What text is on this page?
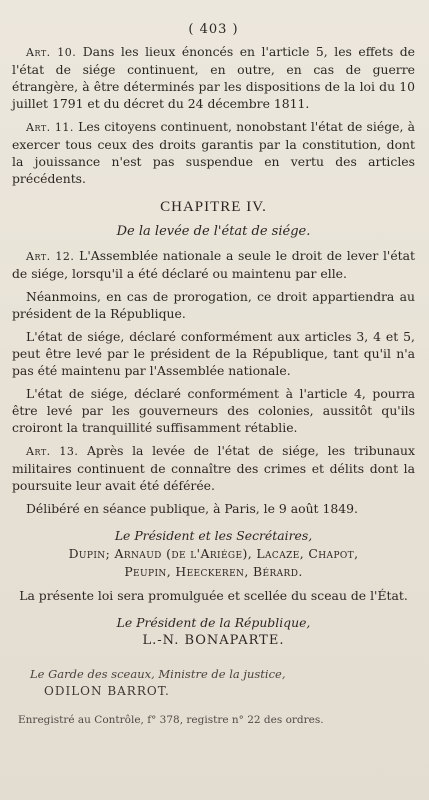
( 403 )

Art. 10. Dans les lieux énoncés en l'article 5, les effets de l'état de siége continuent, en outre, en cas de guerre étrangère, à être déterminés par les dispositions de la loi du 10 juillet 1791 et du décret du 24 décembre 1811.

Art. 11. Les citoyens continuent, nonobstant l'état de siége, à exercer tous ceux des droits garantis par la constitution, dont la jouissance n'est pas suspendue en vertu des articles précédents.

CHAPITRE IV.
De la levée de l'état de siége.

Art. 12. L'Assemblée nationale a seule le droit de lever l'état de siége, lorsqu'il a été déclaré ou maintenu par elle.

Néanmoins, en cas de prorogation, ce droit appartiendra au président de la République.

L'état de siége, déclaré conformément aux articles 3, 4 et 5, peut être levé par le président de la République, tant qu'il n'a pas été maintenu par l'Assemblée nationale.

L'état de siége, déclaré conformément à l'article 4, pourra être levé par les gouverneurs des colonies, aussitôt qu'ils croiront la tranquillité suffisamment rétablie.

Art. 13. Après la levée de l'état de siége, les tribunaux militaires continuent de connaître des crimes et délits dont la poursuite leur avait été déférée.

Délibéré en séance publique, à Paris, le 9 août 1849.

Le Président et les Secrétaires,
Dupin; Arnaud (de l'Ariége), Lacaze, Chapot,
Peupin, Heeckeren, Bérard.

La présente loi sera promulguée et scellée du sceau de l'État.

Le Président de la République,
L.-N. BONAPARTE.
Le Garde des sceaux, Ministre de la justice,
ODILON BARROT.
Enregistré au Contrôle, f° 378, registre n° 22 des ordres.
